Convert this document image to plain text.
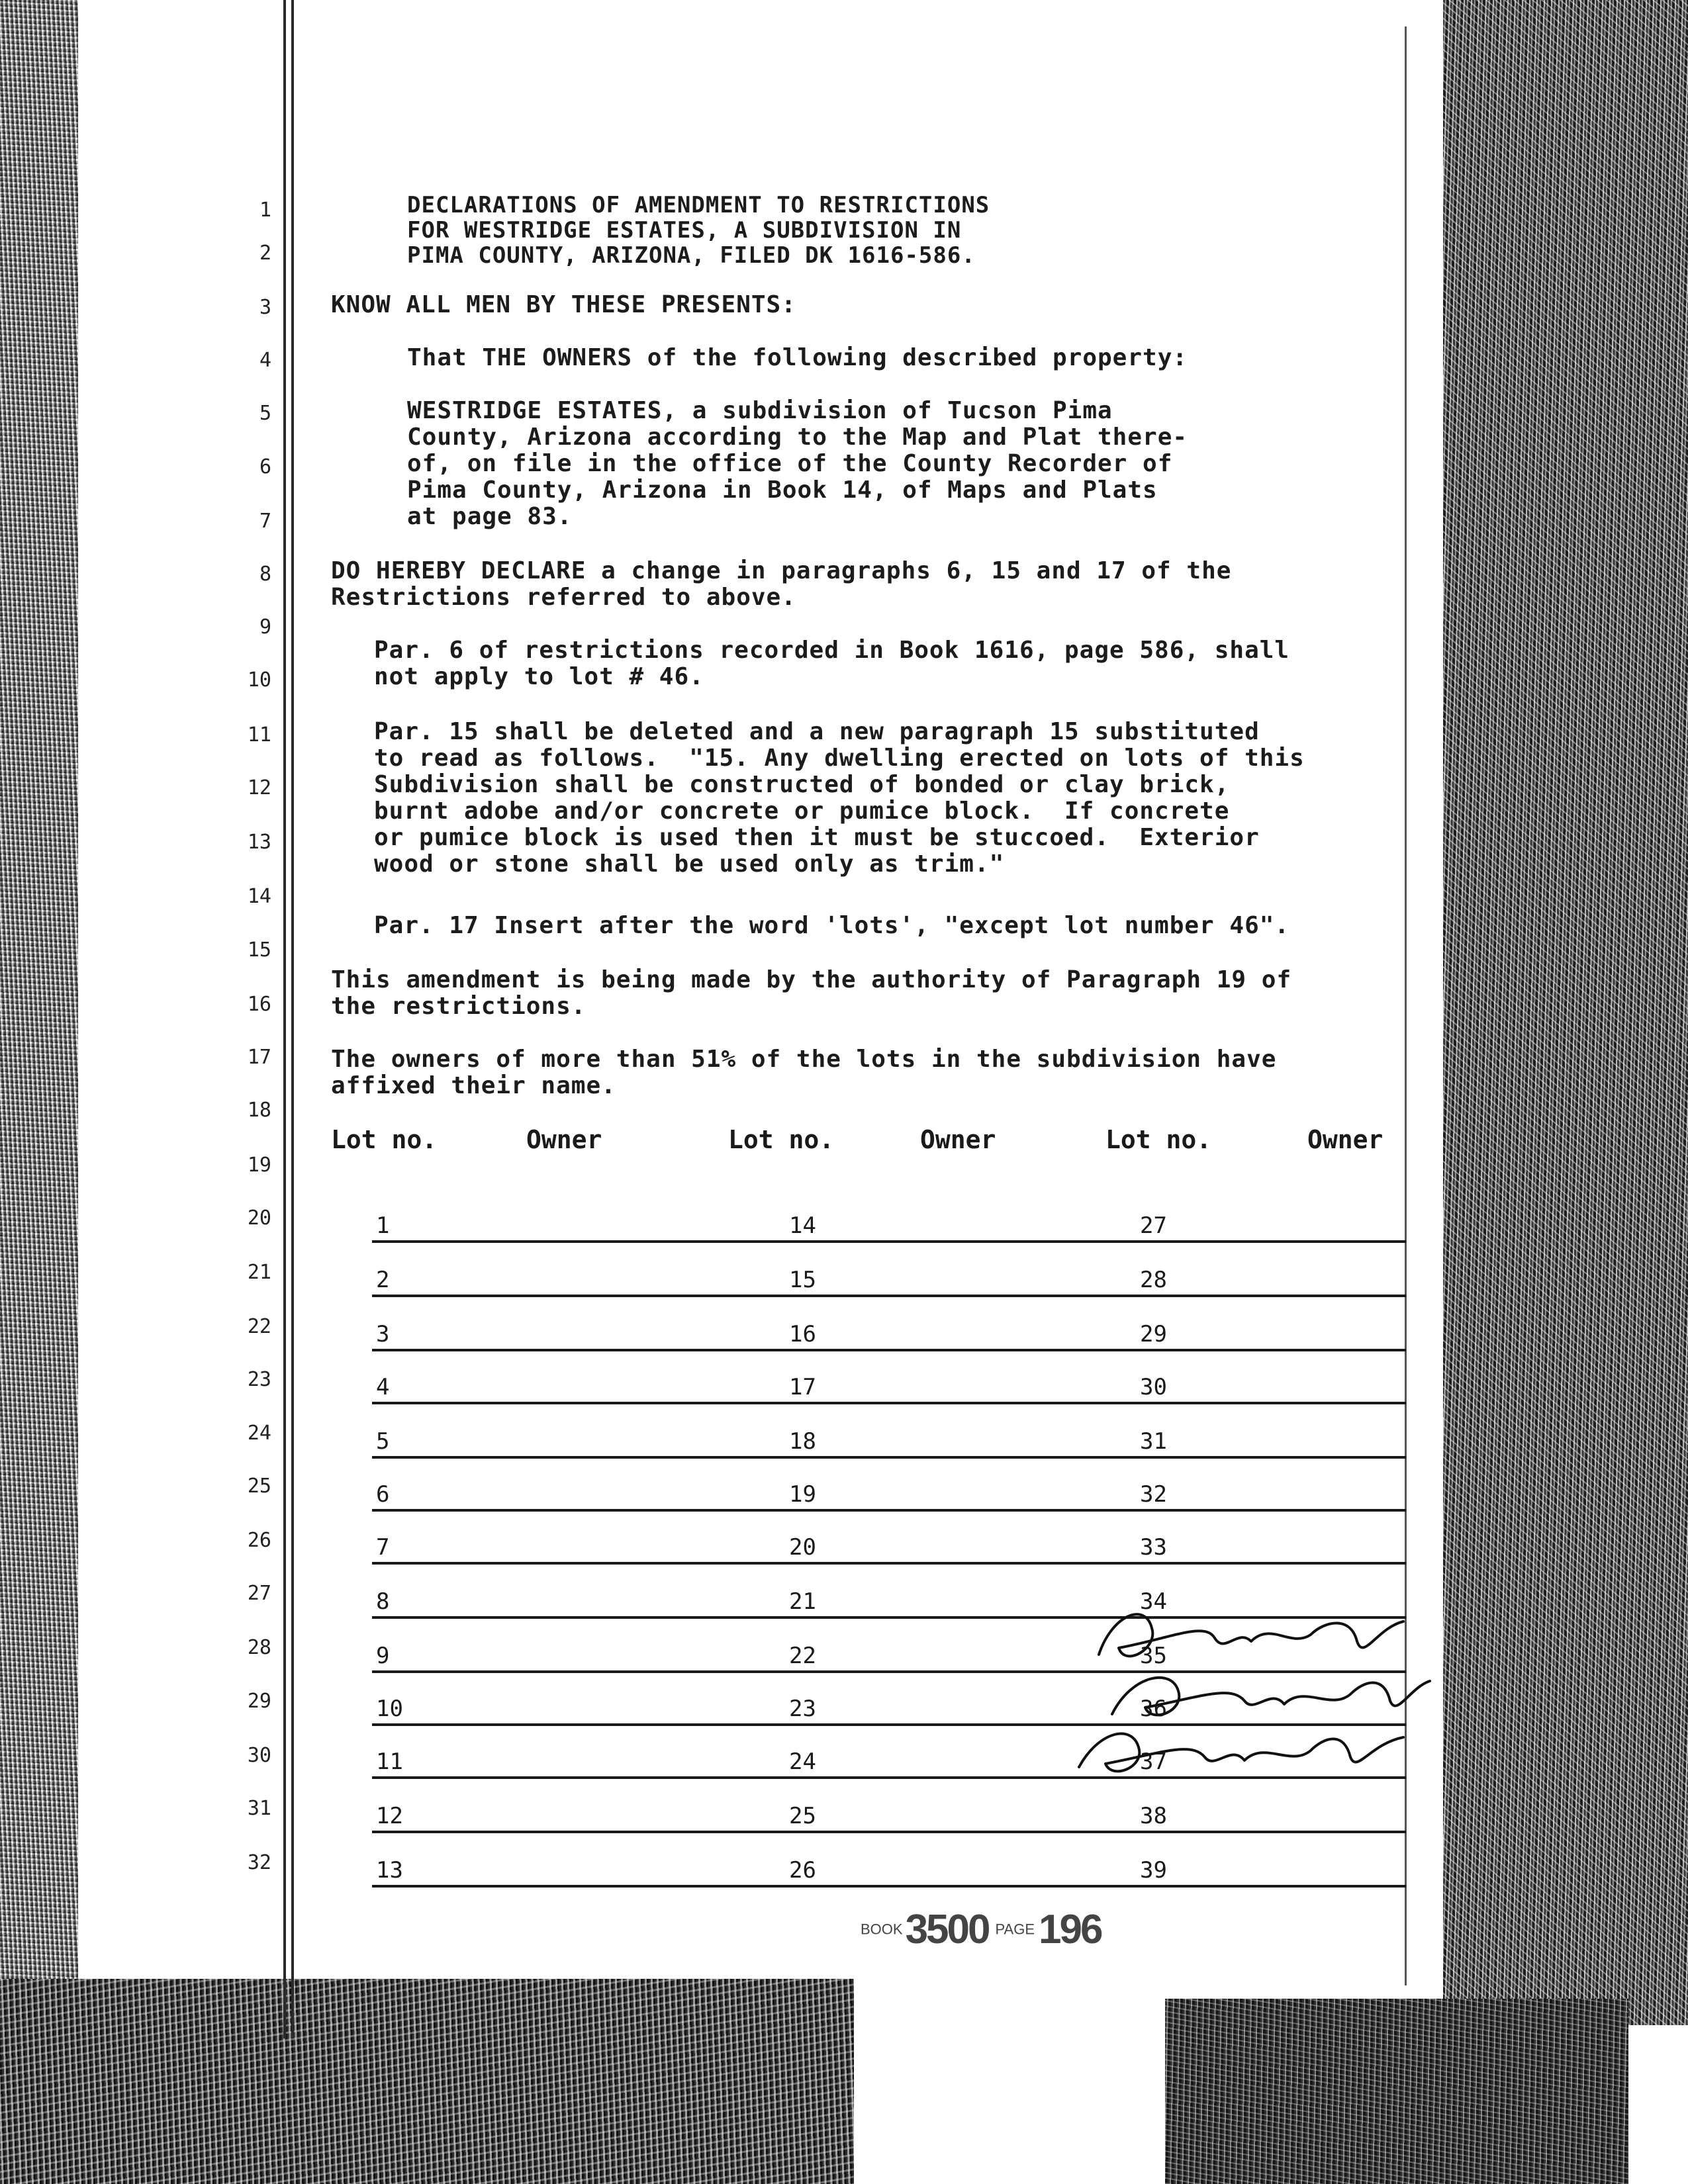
1
2
3
4
5
6
7
8
9
10
11
12
13
14
15
16
17
18
19
20
21
22
23
24
25
26
27
28
29
30
31
32
DECLARATIONS OF AMENDMENT TO RESTRICTIONS
FOR WESTRIDGE ESTATES, A SUBDIVISION IN
PIMA COUNTY, ARIZONA, FILED DK 1616-586.
KNOW ALL MEN BY THESE PRESENTS:
That THE OWNERS of the following described property:
WESTRIDGE ESTATES, a subdivision of Tucson Pima
County, Arizona according to the Map and Plat there-
of, on file in the office of the County Recorder of
Pima County, Arizona in Book 14, of Maps and Plats
at page 83.
DO HEREBY DECLARE a change in paragraphs 6, 15 and 17 of the
Restrictions referred to above.
Par. 6 of restrictions recorded in Book 1616, page 586, shall
not apply to lot # 46.
Par. 15 shall be deleted and a new paragraph 15 substituted
to read as follows.  "15. Any dwelling erected on lots of this
Subdivision shall be constructed of bonded or clay brick,
burnt adobe and/or concrete or pumice block.  If concrete
or pumice block is used then it must be stuccoed.  Exterior
wood or stone shall be used only as trim."
Par. 17 Insert after the word 'lots', "except lot number 46".
This amendment is being made by the authority of Paragraph 19 of
the restrictions.
The owners of more than 51% of the lots in the subdivision have
affixed their name.
Lot no.	Owner	Lot no.	Owner	Lot no.	Owner
1	14	27
2	15	28
3	16	29
4	17	30
5	18	31
6	19	32
7	20	33
8	21	34
9	22	35
10	23	36
11	24	37
12	25	38
13	26	39
BOOK3500 PAGE196
